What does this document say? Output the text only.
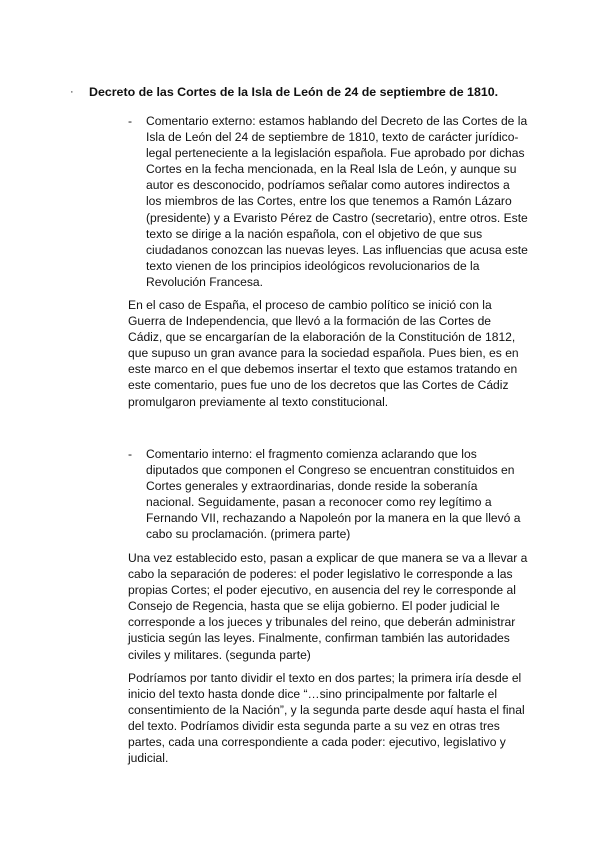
· Decreto de las Cortes de la Isla de León de 24 de septiembre de 1810.
-	Comentario externo: estamos hablando del Decreto de las Cortes de la Isla de León del 24 de septiembre de 1810, texto de carácter jurídico-legal perteneciente a la legislación española. Fue aprobado por dichas Cortes en la fecha mencionada, en la Real Isla de León, y aunque su autor es desconocido, podríamos señalar como autores indirectos a los miembros de las Cortes, entre los que tenemos a Ramón Lázaro (presidente) y a Evaristo Pérez de Castro (secretario), entre otros. Este texto se dirige a la nación española, con el objetivo de que sus ciudadanos conozcan las nuevas leyes. Las influencias que acusa este texto vienen de los principios ideológicos revolucionarios de la Revolución Francesa.

En el caso de España, el proceso de cambio político se inició con la Guerra de Independencia, que llevó a la formación de las Cortes de Cádiz, que se encargarían de la elaboración de la Constitución de 1812, que supuso un gran avance para la sociedad española. Pues bien, es en este marco en el que debemos insertar el texto que estamos tratando en este comentario, pues fue uno de los decretos que las Cortes de Cádiz promulgaron previamente al texto constitucional.

-	Comentario interno: el fragmento comienza aclarando que los diputados que componen el Congreso se encuentran constituidos en Cortes generales y extraordinarias, donde reside la soberanía nacional. Seguidamente, pasan a reconocer como rey legítimo a Fernando VII, rechazando a Napoleón por la manera en la que llevó a cabo su proclamación. (primera parte)

Una vez establecido esto, pasan a explicar de que manera se va a llevar a cabo la separación de poderes: el poder legislativo le corresponde a las propias Cortes; el poder ejecutivo, en ausencia del rey le corresponde al Consejo de Regencia, hasta que se elija gobierno. El poder judicial le corresponde a los jueces y tribunales del reino, que deberán administrar justicia según las leyes. Finalmente, confirman también las autoridades civiles y militares. (segunda parte)

Podríamos por tanto dividir el texto en dos partes; la primera iría desde el inicio del texto hasta donde dice “…sino principalmente por faltarle el consentimiento de la Nación”, y la segunda parte desde aquí hasta el final del texto. Podríamos dividir esta segunda parte a su vez en otras tres partes, cada una correspondiente a cada poder: ejecutivo, legislativo y judicial.
